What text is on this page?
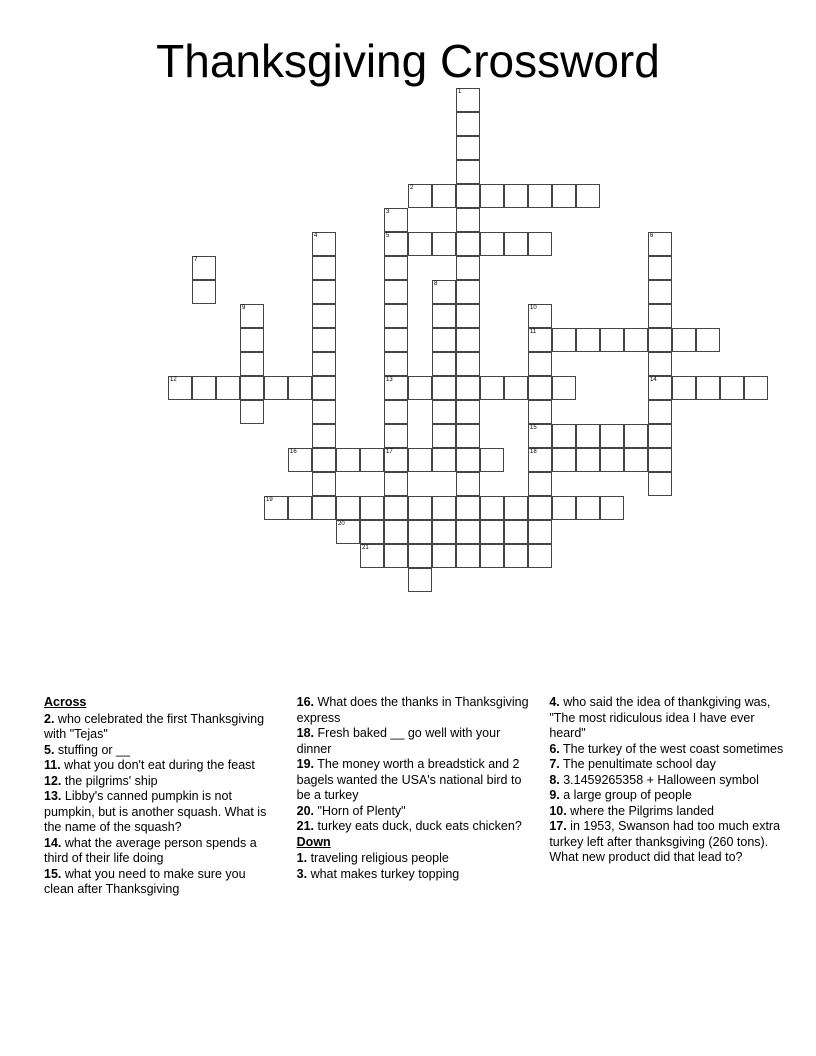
Thanksgiving Crossword
1
2
3
4	5	6
7
8
9	10
11
12	13	14
15
16	17	18
19
20
21
Across
2. who celebrated the first Thanksgiving with "Tejas"
5. stuffing or __
11. what you don't eat during the feast
12. the pilgrims' ship
13. Libby's canned pumpkin is not pumpkin, but is another squash. What is the name of the squash?
14. what the average person spends a third of their life doing
15. what you need to make sure you clean after Thanksgiving
16. What does the thanks in Thanksgiving express
18. Fresh baked __ go well with your dinner
19. The money worth a breadstick and 2 bagels wanted the USA's national bird to be a turkey
20. "Horn of Plenty"
21. turkey eats duck, duck eats chicken?
Down
1. traveling religious people
3. what makes turkey topping
4. who said the idea of thankgiving was, "The most ridiculous idea I have ever heard"
6. The turkey of the west coast sometimes
7. The penultimate school day
8. 3.1459265358 + Halloween symbol
9. a large group of people
10. where the Pilgrims landed
17. in 1953, Swanson had too much extra turkey left after thanksgiving (260 tons). What new product did that lead to?
